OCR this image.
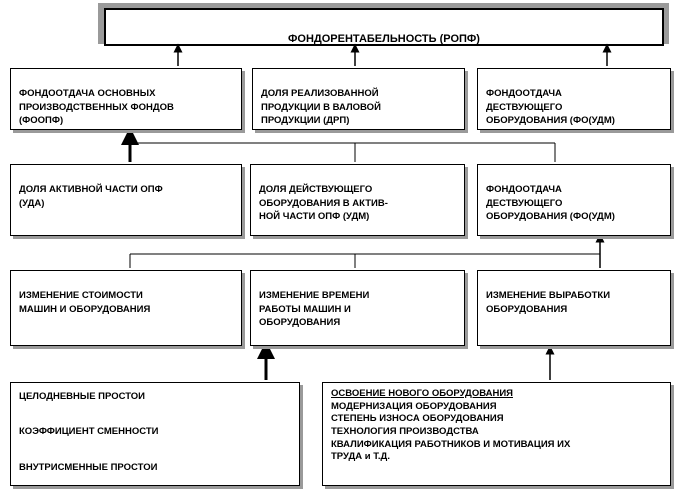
ФОНДОРЕНТАБЕЛЬНОСТЬ (РОПФ)

ФОНДООТДАЧА ОСНОВНЫХ
ПРОИЗВОДСТВЕННЫХ ФОНДОВ
(ФООПФ)

ДОЛЯ РЕАЛИЗОВАННОЙ
ПРОДУКЦИИ В ВАЛОВОЙ
ПРОДУКЦИИ (ДРП)

ФОНДООТДАЧА
ДЕСТВУЮЩЕГО
ОБОРУДОВАНИЯ (ФО(УДМ)

ДОЛЯ АКТИВНОЙ ЧАСТИ ОПФ
(УДА)

ДОЛЯ ДЕЙСТВУЮЩЕГО
ОБОРУДОВАНИЯ В АКТИВ-
НОЙ ЧАСТИ ОПФ (УДМ)

ФОНДООТДАЧА
ДЕСТВУЮЩЕГО
ОБОРУДОВАНИЯ (ФО(УДМ)

ИЗМЕНЕНИЕ СТОИМОСТИ
МАШИН И ОБОРУДОВАНИЯ

ИЗМЕНЕНИЕ ВРЕМЕНИ
РАБОТЫ МАШИН И
ОБОРУДОВАНИЯ

ИЗМЕНЕНИЕ ВЫРАБОТКИ
ОБОРУДОВАНИЯ

ЦЕЛОДНЕВНЫЕ ПРОСТОИ
КОЭФФИЦИЕНТ СМЕННОСТИ
ВНУТРИСМЕННЫЕ ПРОСТОИ
ОСВОЕНИЕ НОВОГО ОБОРУДОВАНИЯ
МОДЕРНИЗАЦИЯ ОБОРУДОВАНИЯ
СТЕПЕНЬ ИЗНОСА ОБОРУДОВАНИЯ
ТЕХНОЛОГИЯ ПРОИЗВОДСТВА
КВАЛИФИКАЦИЯ РАБОТНИКОВ И МОТИВАЦИЯ ИХ
ТРУДА и Т.Д.
